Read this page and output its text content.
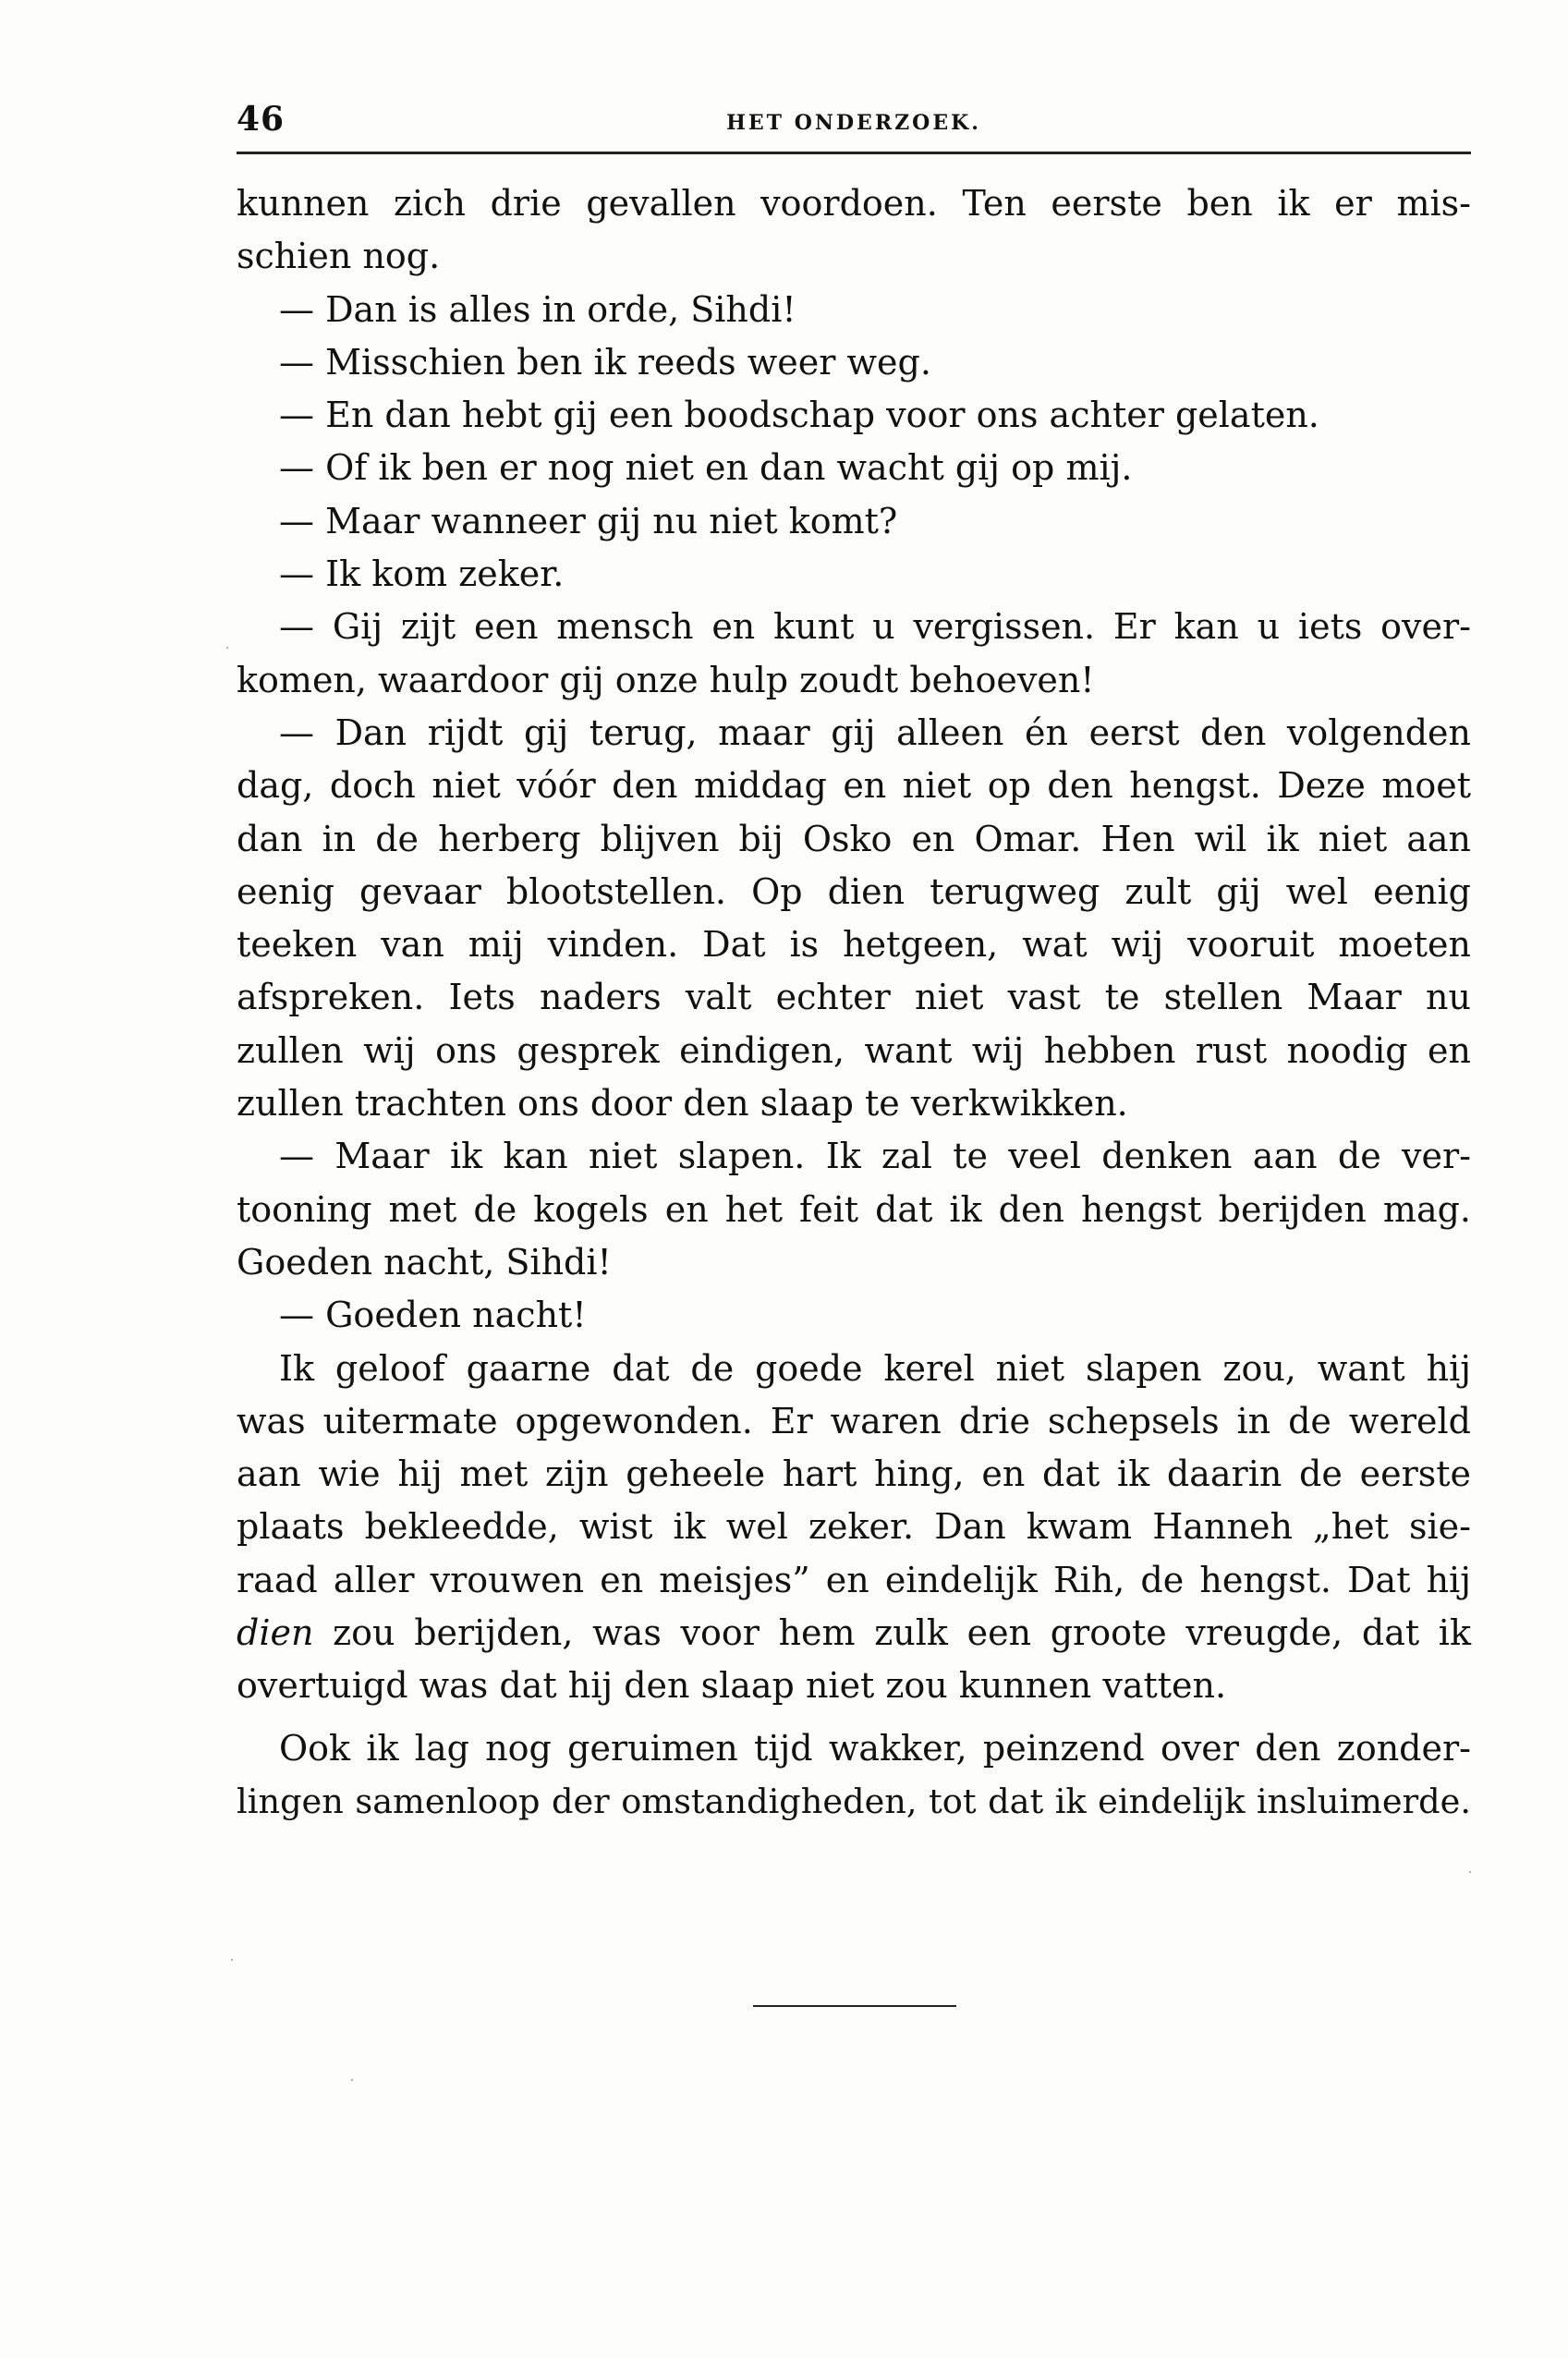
46	HET ONDERZOEK.
kunnen zich drie gevallen voordoen. Ten eerste ben ik er mis-
schien nog.
— Dan is alles in orde, Sihdi!
— Misschien ben ik reeds weer weg.
— En dan hebt gij een boodschap voor ons achter gelaten.
— Of ik ben er nog niet en dan wacht gij op mij.
— Maar wanneer gij nu niet komt?
— Ik kom zeker.
— Gij zijt een mensch en kunt u vergissen. Er kan u iets over-
komen, waardoor gij onze hulp zoudt behoeven!
— Dan rijdt gij terug, maar gij alleen én eerst den volgenden
dag, doch niet vóór den middag en niet op den hengst. Deze moet
dan in de herberg blijven bij Osko en Omar. Hen wil ik niet aan
eenig gevaar blootstellen. Op dien terugweg zult gij wel eenig
teeken van mij vinden. Dat is hetgeen, wat wij vooruit moeten
afspreken. Iets naders valt echter niet vast te stellen Maar nu
zullen wij ons gesprek eindigen, want wij hebben rust noodig en
zullen trachten ons door den slaap te verkwikken.
— Maar ik kan niet slapen. Ik zal te veel denken aan de ver-
tooning met de kogels en het feit dat ik den hengst berijden mag.
Goeden nacht, Sihdi!
— Goeden nacht!
Ik geloof gaarne dat de goede kerel niet slapen zou, want hij
was uitermate opgewonden. Er waren drie schepsels in de wereld
aan wie hij met zijn geheele hart hing, en dat ik daarin de eerste
plaats bekleedde, wist ik wel zeker. Dan kwam Hanneh „het sie-
raad aller vrouwen en meisjes” en eindelijk Rih, de hengst. Dat hij
dien zou berijden, was voor hem zulk een groote vreugde, dat ik
overtuigd was dat hij den slaap niet zou kunnen vatten.
Ook ik lag nog geruimen tijd wakker, peinzend over den zonder-
lingen samenloop der omstandigheden, tot dat ik eindelijk insluimerde.
